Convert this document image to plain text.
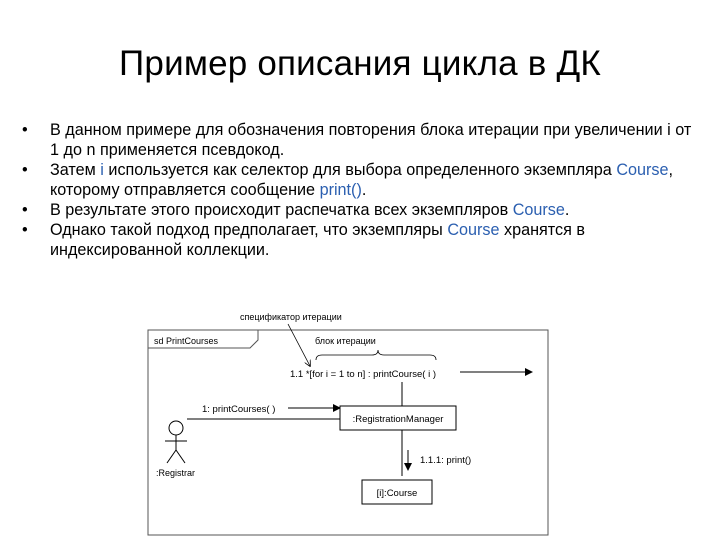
Пример описания цикла в ДК
•	В данном примере для обозначения повторения блока итерации при увеличении i от 1 до n применяется псевдокод.
•	Затем i используется как селектор для выбора определенного экземпляра Course, которому отправляется сообщение print().
•	В результате этого происходит распечатка всех экземпляров Course.
•	Однако такой подход предполагает, что экземпляры Course хранятся в индексированной коллекции.
sd PrintCourses
спецификатор итерации
блок итерации
1.1 *[for i = 1 to n] : printCourse( i )
:Registrar
1: printCourses( )
:RegistrationManager
1.1.1: print()
[i]:Course
